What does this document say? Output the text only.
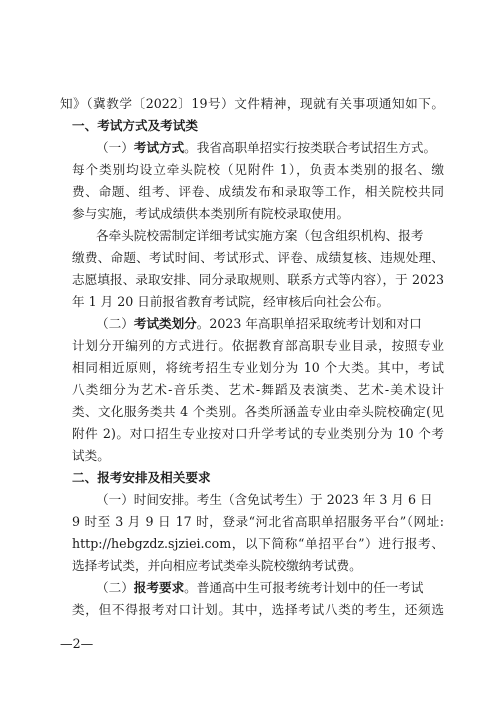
知》（冀教学〔2022〕19号）文件精神，现就有关事项通知如下。
一、考试方式及考试类
（一）考试方式。我省高职单招实行按类联合考试招生方式。
每个类别均设立牵头院校（见附件 1），负责本类别的报名、缴
费、命题、组考、评卷、成绩发布和录取等工作，相关院校共同
参与实施，考试成绩供本类别所有院校录取使用。
各牵头院校需制定详细考试实施方案（包含组织机构、报考
缴费、命题、考试时间、考试形式、评卷、成绩复核、违规处理、
志愿填报、录取安排、同分录取规则、联系方式等内容），于 2023
年 1 月 20 日前报省教育考试院，经审核后向社会公布。
（二）考试类划分。2023 年高职单招采取统考计划和对口
计划分开编列的方式进行。依据教育部高职专业目录，按照专业
相同相近原则，将统考招生专业划分为 10 个大类。其中，考试
八类细分为艺术-音乐类、艺术-舞蹈及表演类、艺术-美术设计
类、文化服务类共 4 个类别。各类所涵盖专业由牵头院校确定(见
附件 2)。对口招生专业按对口升学考试的专业类别分为 10 个考
试类。
二、报考安排及相关要求
（一）时间安排。考生（含免试考生）于 2023 年 3 月 6 日
9 时至 3 月 9 日 17 时，登录“河北省高职单招服务平台”（网址:
http://hebgzdz.sjziei.com，以下简称“单招平台”）进行报考、
选择考试类，并向相应考试类牵头院校缴纳考试费。
（二）报考要求。普通高中生可报考统考计划中的任一考试
类，但不得报考对口计划。其中，选择考试八类的考生，还须选
—2—
